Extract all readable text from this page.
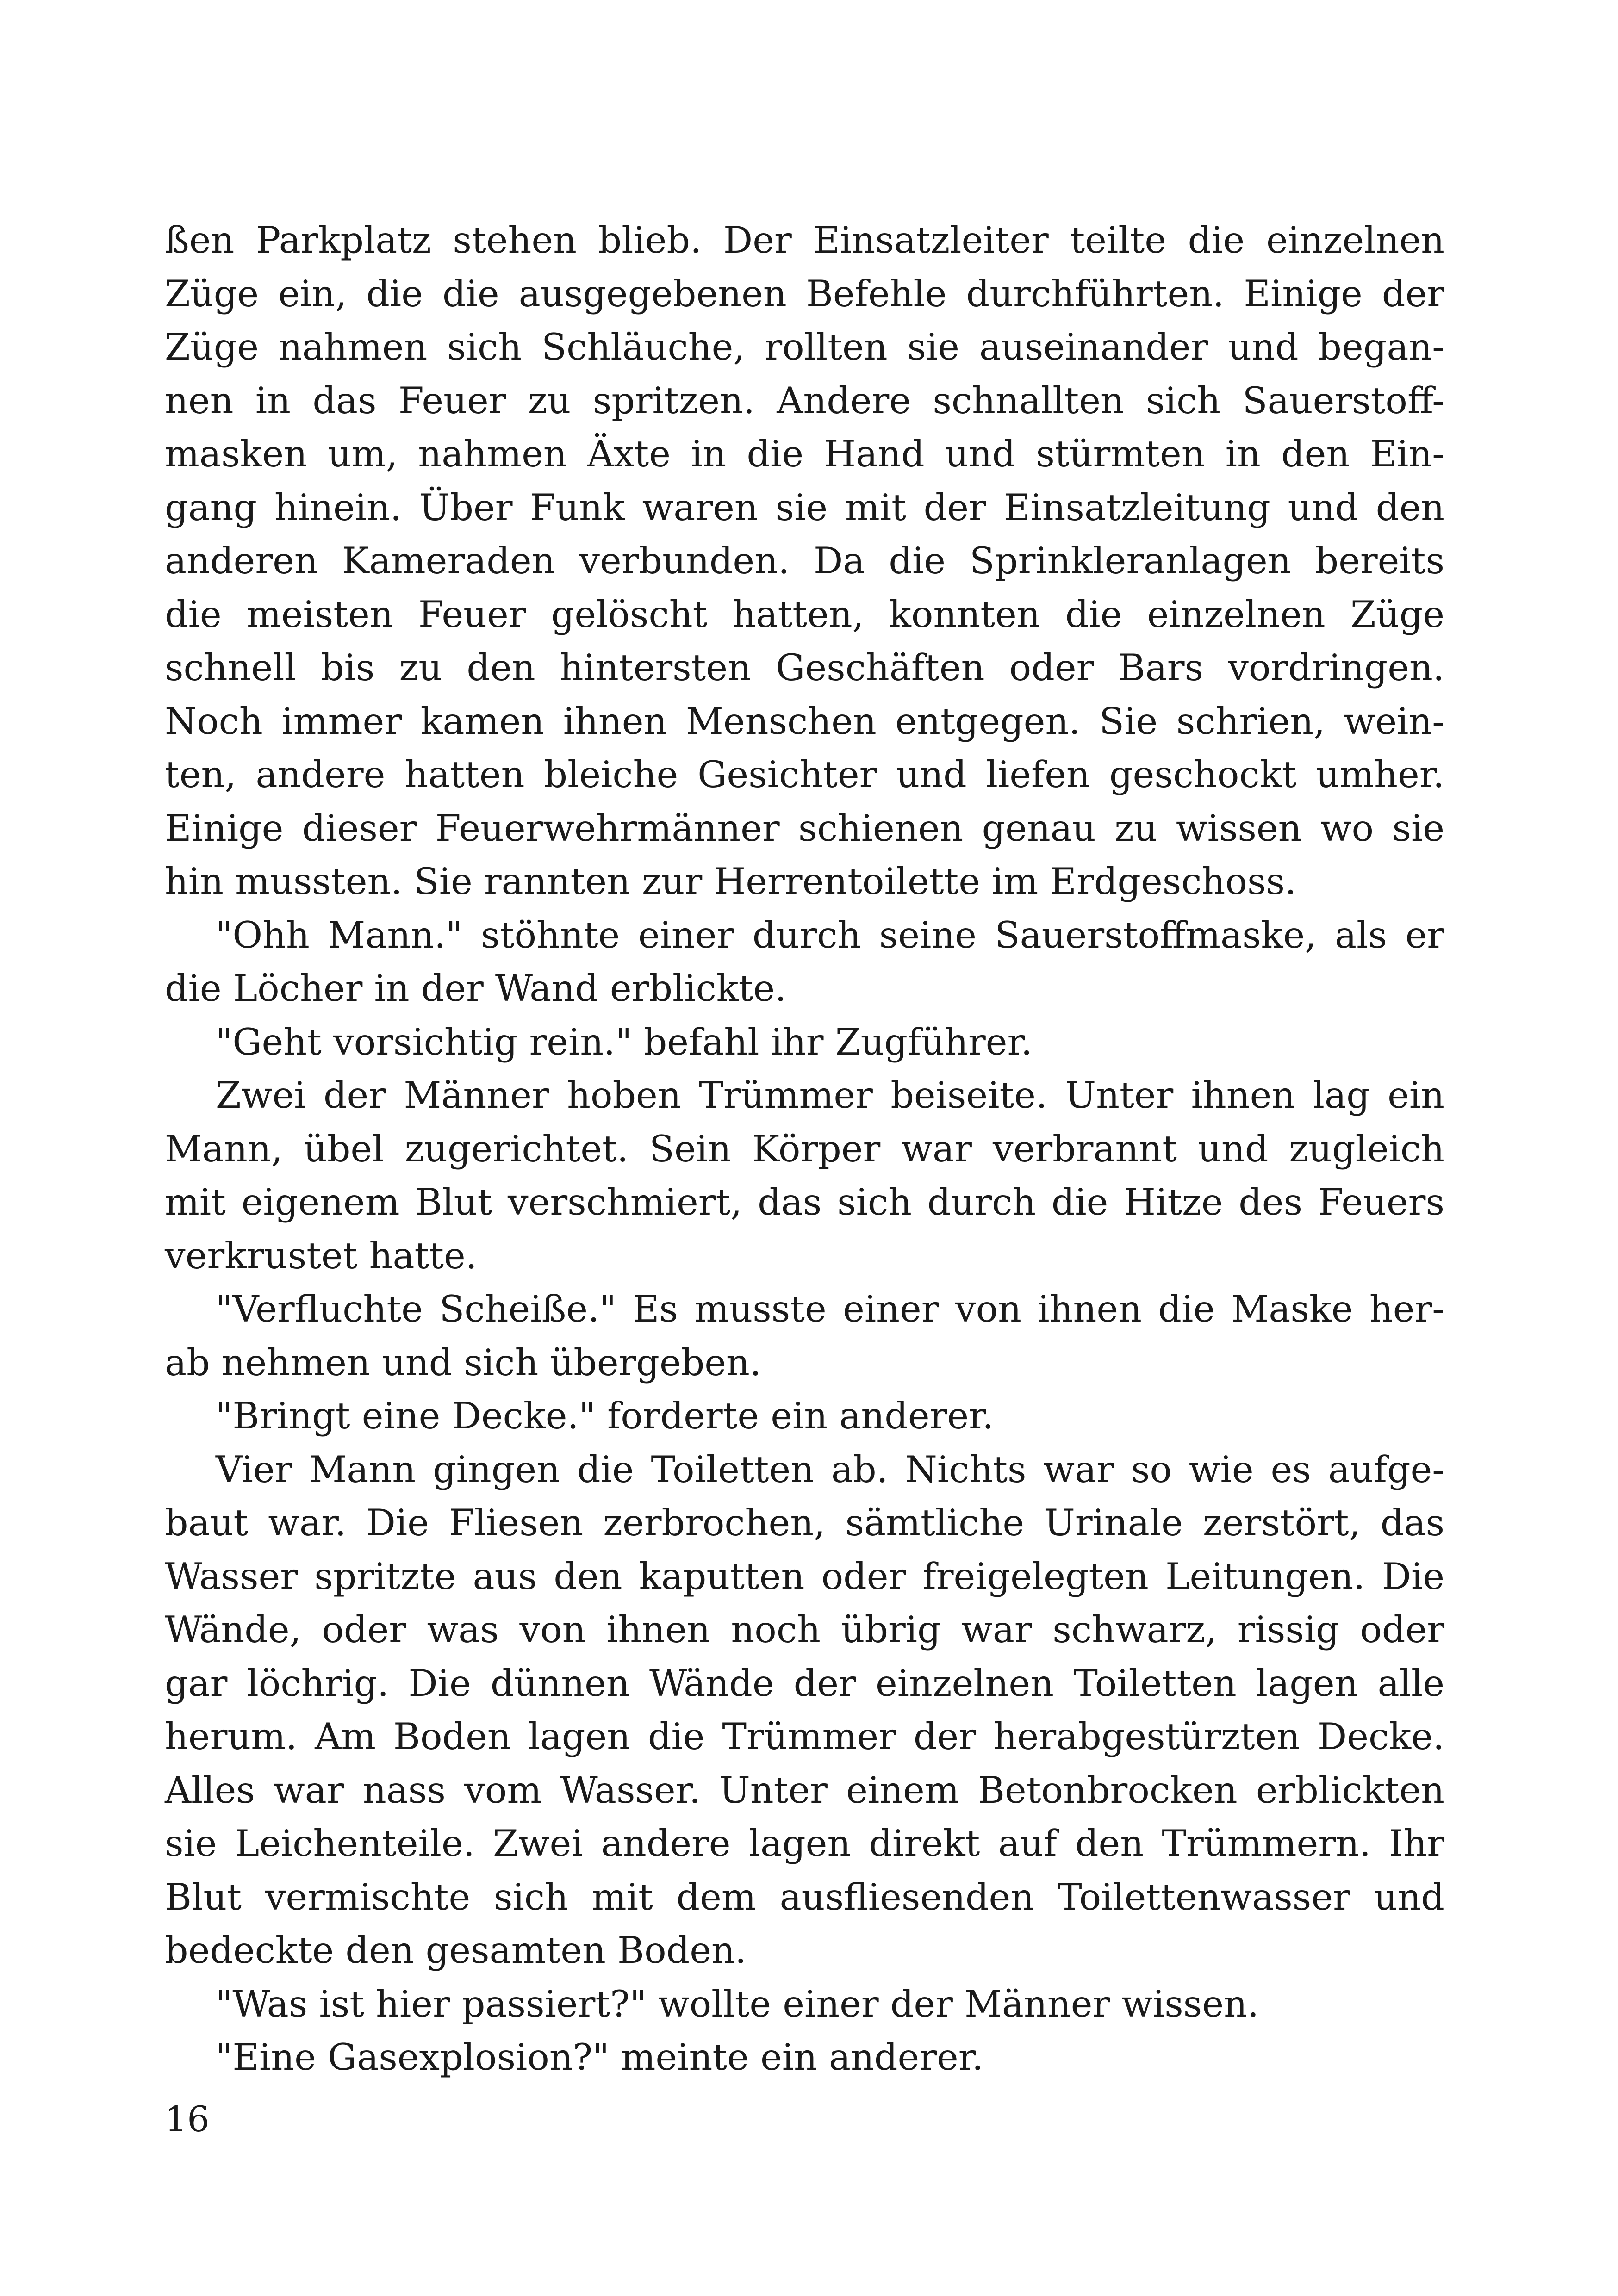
ßen Parkplatz stehen blieb. Der Einsatzleiter teilte die einzelnen
Züge ein, die die ausgegebenen Befehle durchführten. Einige der
Züge nahmen sich Schläuche, rollten sie auseinander und began-
nen in das Feuer zu spritzen. Andere schnallten sich Sauerstoff-
masken um, nahmen Äxte in die Hand und stürmten in den Ein-
gang hinein. Über Funk waren sie mit der Einsatzleitung und den
anderen Kameraden verbunden. Da die Sprinkleranlagen bereits
die meisten Feuer gelöscht hatten, konnten die einzelnen Züge
schnell bis zu den hintersten Geschäften oder Bars vordringen.
Noch immer kamen ihnen Menschen entgegen. Sie schrien, wein-
ten, andere hatten bleiche Gesichter und liefen geschockt umher.
Einige dieser Feuerwehrmänner schienen genau zu wissen wo sie
hin mussten. Sie rannten zur Herrentoilette im Erdgeschoss.
"Ohh Mann." stöhnte einer durch seine Sauerstoffmaske, als er
die Löcher in der Wand erblickte.
"Geht vorsichtig rein." befahl ihr Zugführer.
Zwei der Männer hoben Trümmer beiseite. Unter ihnen lag ein
Mann, übel zugerichtet. Sein Körper war verbrannt und zugleich
mit eigenem Blut verschmiert, das sich durch die Hitze des Feuers
verkrustet hatte.
"Verfluchte Scheiße." Es musste einer von ihnen die Maske her-
ab nehmen und sich übergeben.
"Bringt eine Decke." forderte ein anderer.
Vier Mann gingen die Toiletten ab. Nichts war so wie es aufge-
baut war. Die Fliesen zerbrochen, sämtliche Urinale zerstört, das
Wasser spritzte aus den kaputten oder freigelegten Leitungen. Die
Wände, oder was von ihnen noch übrig war schwarz, rissig oder
gar löchrig. Die dünnen Wände der einzelnen Toiletten lagen alle
herum. Am Boden lagen die Trümmer der herabgestürzten Decke.
Alles war nass vom Wasser. Unter einem Betonbrocken erblickten
sie Leichenteile. Zwei andere lagen direkt auf den Trümmern. Ihr
Blut vermischte sich mit dem ausfliesenden Toilettenwasser und
bedeckte den gesamten Boden.
"Was ist hier passiert?" wollte einer der Männer wissen.
"Eine Gasexplosion?" meinte ein anderer.
16
